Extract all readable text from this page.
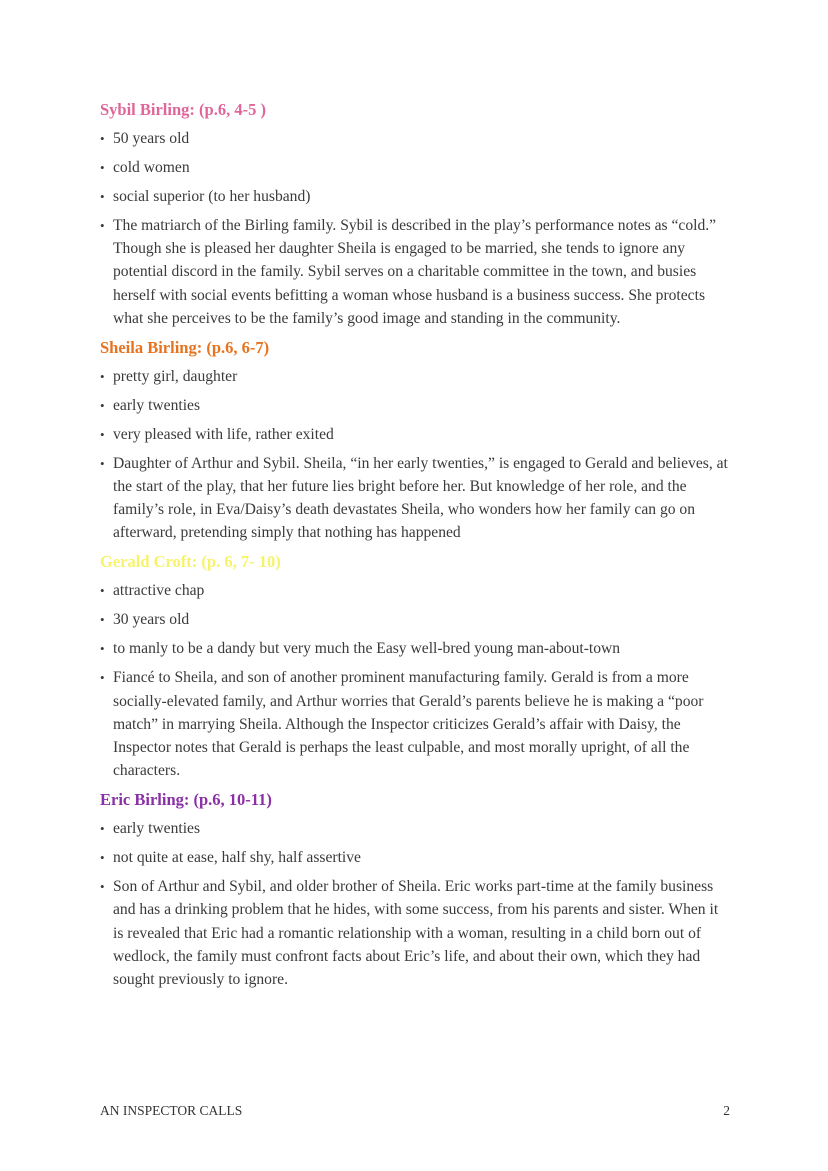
Sybil Birling: (p.6, 4-5 )
• 50 years old
• cold women
• social superior (to her husband)
• The matriarch of the Birling family. Sybil is described in the play’s performance notes as “cold.” Though she is pleased her daughter Sheila is engaged to be married, she tends to ignore any potential discord in the family. Sybil serves on a charitable committee in the town, and busies herself with social events befitting a woman whose husband is a business success. She protects what she perceives to be the family’s good image and standing in the community.
Sheila Birling: (p.6, 6-7)
• pretty girl, daughter
• early twenties
• very pleased with life, rather exited
• Daughter of Arthur and Sybil. Sheila, “in her early twenties,” is engaged to Gerald and believes, at the start of the play, that her future lies bright before her. But knowledge of her role, and the family’s role, in Eva/Daisy’s death devastates Sheila, who wonders how her family can go on afterward, pretending simply that nothing has happened
Gerald Croft: (p. 6, 7- 10)
• attractive chap
• 30 years old
• to manly to be a dandy but very much the Easy well-bred young man-about-town
• Fiancé to Sheila, and son of another prominent manufacturing family. Gerald is from a more socially-elevated family, and Arthur worries that Gerald’s parents believe he is making a “poor match” in marrying Sheila. Although the Inspector criticizes Gerald’s affair with Daisy, the Inspector notes that Gerald is perhaps the least culpable, and most morally upright, of all the characters.
Eric Birling: (p.6, 10-11)
• early twenties
• not quite at ease, half shy, half assertive
• Son of Arthur and Sybil, and older brother of Sheila. Eric works part-time at the family business and has a drinking problem that he hides, with some success, from his parents and sister. When it is revealed that Eric had a romantic relationship with a woman, resulting in a child born out of wedlock, the family must confront facts about Eric’s life, and about their own, which they had sought previously to ignore.
AN INSPECTOR CALLS	2
